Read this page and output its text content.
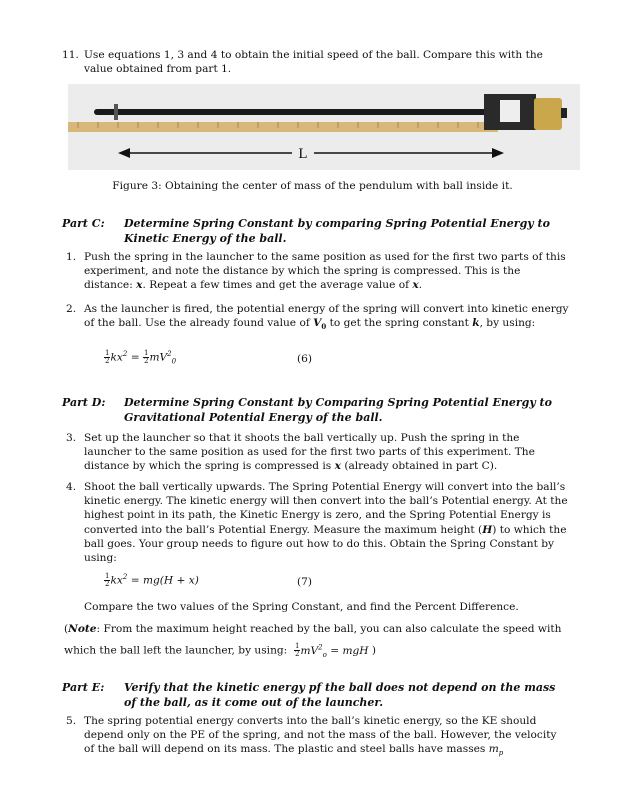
11. Use equations 1, 3 and 4 to obtain the initial speed of the ball. Compare this with the value obtained from part 1.
L
Figure 3: Obtaining the center of mass of the pendulum with ball inside it.
Part C: Determine Spring Constant by comparing Spring Potential Energy to Kinetic Energy of the ball.
1. Push the spring in the launcher to the same position as used for the first two parts of this experiment, and note the distance by which the spring is compressed. This is the distance: x. Repeat a few times and get the average value of x.
2. As the launcher is fired, the potential energy of the spring will convert into kinetic energy of the ball. Use the already found value of $V_0$ to get the spring constant k, by using:
$\frac{1}{2} kx^2 = \frac{1}{2} mV^2_0$	(6)
Part D: Determine Spring Constant by Comparing Spring Potential Energy to Gravitational Potential Energy of the ball.
3. Set up the launcher so that it shoots the ball vertically up. Push the spring in the launcher to the same position as used for the first two parts of this experiment. The distance by which the spring is compressed is x (already obtained in part C).
4. Shoot the ball vertically upwards. The Spring Potential Energy will convert into the ball’s kinetic energy. The kinetic energy will then convert into the ball’s Potential energy. At the highest point in its path, the Kinetic Energy is zero, and the Spring Potential Energy is converted into the ball’s Potential Energy. Measure the maximum height (H) to which the ball goes. Your group needs to figure out how to do this. Obtain the Spring Constant by using:
$\frac{1}{2} kx^2 = mg(H + x)$	(7)
Compare the two values of the Spring Constant, and find the Percent Difference.
(Note: From the maximum height reached by the ball, you can also calculate the speed with which the ball left the launcher, by using: $\frac{1}{2} mV^2_o$ = mgH )
Part E: Verify that the kinetic energy pf the ball does not depend on the mass of the ball, as it come out of the launcher.
5. The spring potential energy converts into the ball’s kinetic energy, so the KE should depend only on the PE of the spring, and not the mass of the ball. However, the velocity of the ball will depend on its mass. The plastic and steel balls have masses $m_p$
